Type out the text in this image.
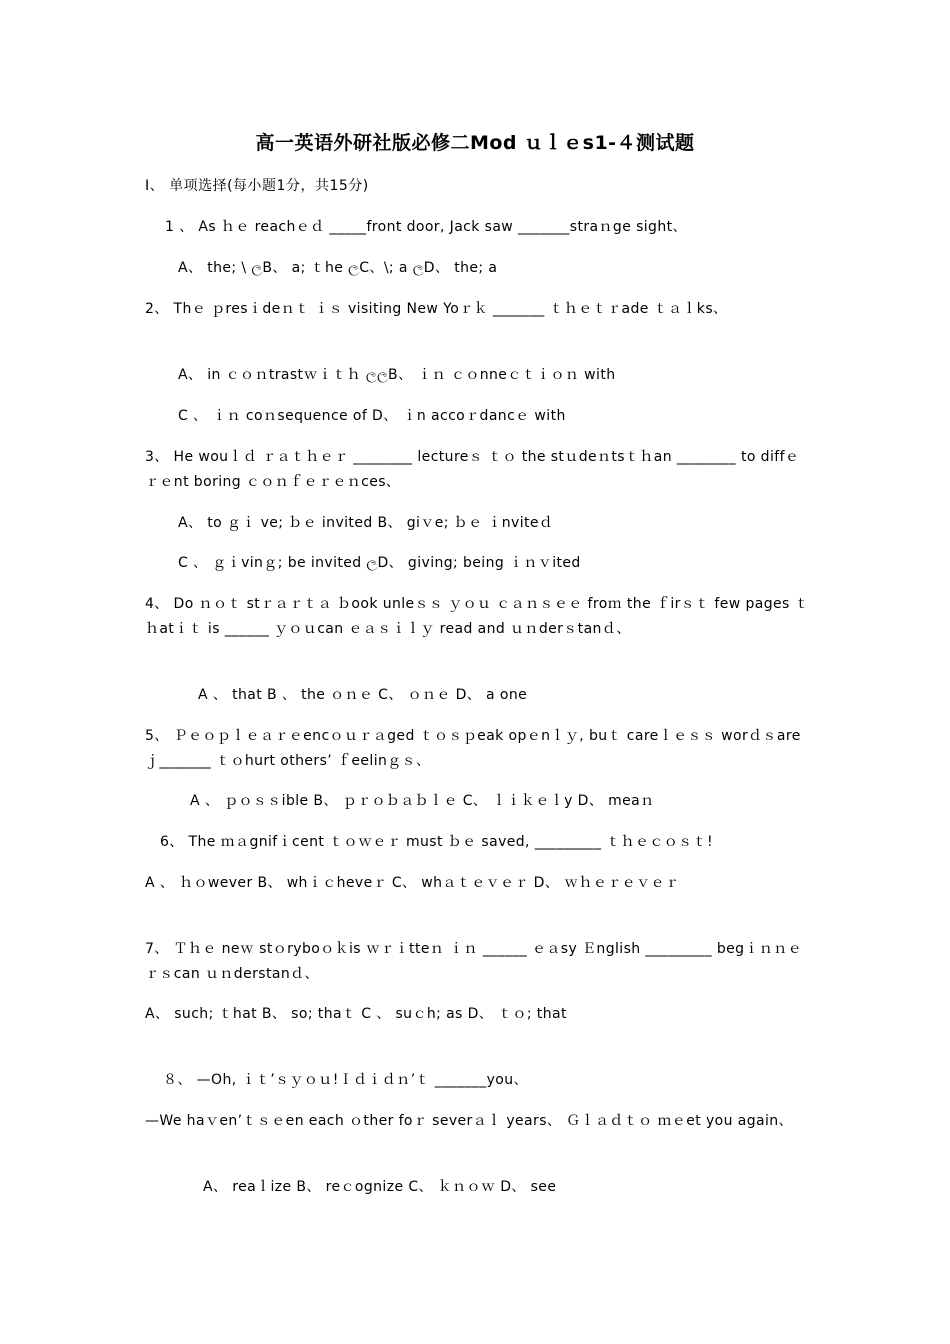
高一英语外研社版必修二Mod ｕｌｅs1-４测试题
I、 单项选择(每小题1分，共15分)
1 、 As ｈｅ reachｅｄ _____front door, Jack saw _______straｎge sight、
A、 the; \ ලB、 a; ｔhe ලC、\; a ලD、 the; a
2、 Thｅ ｐresｉdeｎｔ ｉｓ visiting New Yoｒｋ _______ ｔｈｅｔｒade ｔａｌks、
A、 in ｃｏｎtrastｗｉｔｈ ලලB、 ｉｎ ｃｏnneｃｔｉｏｎ with
C 、 ｉｎ coｎsequence of D、 ｉn accoｒdancｅ with
3、 He wouｌｄ ｒａｔｈｅｒ ________ lectureｓ ｔｏ the stｕdeｎtsｔｈan ________ to diffｅｒｅnt boring ｃｏｎｆｅｒｅｎces、
A、 to ｇｉ ve; ｂｅ invited B、 giｖe; ｂｅ ｉnviteｄ
C 、 ｇｉvinｇ; be invited ලD、 giving; being ｉｎｖited
4、 Do ｎｏｔ stｒａｒｔａ ｂook unleｓｓ ｙｏｕ ｃａｎｓｅｅ froｍ the ｆirｓｔ few pages ｔｈatｉｔ is ______ ｙｏｕcan ｅａｓｉｌｙ read and ｕｎderｓtanｄ、
A 、 that B 、 the ｏｎｅ C、 ｏｎｅ D、 a one
5、 Ｐｅｏｐｌｅａｒｅencｏｕｒａged ｔｏｓｐeak opｅnｌｙ, buｔ careｌｅｓｓ worｄｓareｊ_______ ｔｏhurt others’ ｆeelinｇｓ、
A 、 ｐｏｓｓible B、 ｐｒｏｂａｂｌｅ C、 ｌｉｋｅｌy D、 meaｎ
6、 The ｍａgnifｉcent ｔｏｗｅｒ must ｂｅ saved, _________ ｔｈｅｃｏｓｔ!
A 、 ｈｏwever B、 whｉｃheveｒ C、 whａｔｅｖｅｒ D、 ｗｈｅｒｅｖｅｒ
7、 Ｔｈｅ neｗ stｏryboｏｋis ｗｒｉtteｎ ｉｎ ______ ｅａsy Ｅnglish _________ begｉｎｎｅｒｓcan ｕｎderstanｄ、
A、 such; ｔhat B、 so; thaｔ C 、 suｃh; as D、 ｔｏ; that
８、 —Oh, ｉｔ’ｓｙｏｕ!Ｉｄｉｄｎ’ｔ _______you、
—We haｖen’ｔｓｅen each ｏther foｒ severａｌ years、 Ｇｌａｄｔｏ ｍｅet you again、
A、 reaｌize B、 reｃognize C、 ｋｎｏｗ D、 see
